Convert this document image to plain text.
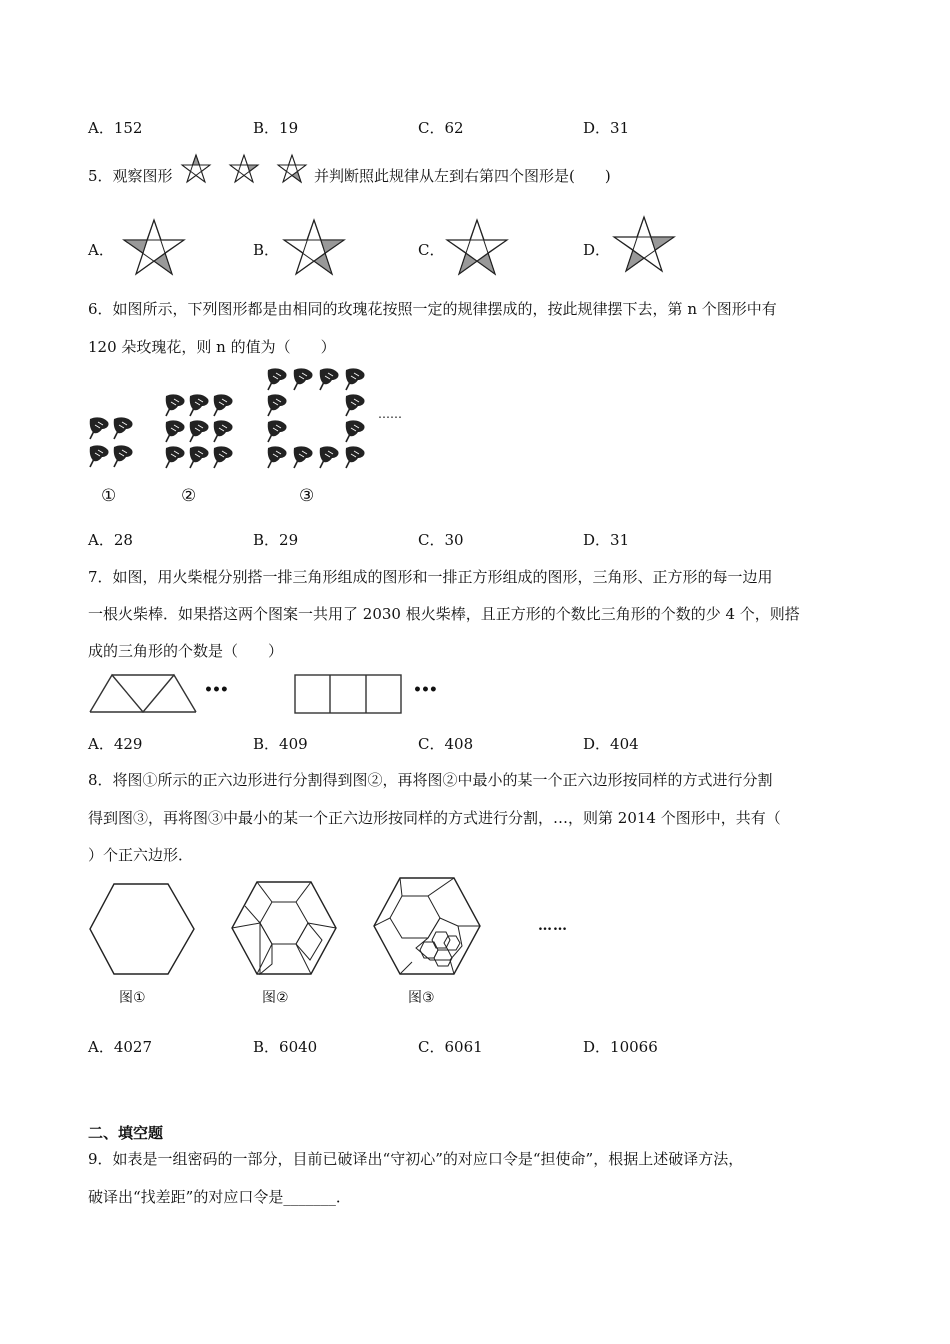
A．152	B．19	C．62	D．31
5．观察图形	并判断照此规律从左到右第四个图形是(　　)
A．	B．	C．	D．
6．如图所示，下列图形都是由相同的玫瑰花按照一定的规律摆成的，按此规律摆下去，第 n 个图形中有
120 朵玫瑰花，则 n 的值为（　　）
……
①	②	③
A．28	B．29	C．30	D．31
7．如图，用火柴棍分别搭一排三角形组成的图形和一排正方形组成的图形，三角形、正方形的每一边用
一根火柴棒．如果搭这两个图案一共用了 2030 根火柴棒，且正方形的个数比三角形的个数的少 4 个，则搭
成的三角形的个数是（　　）
•••	•••
A．429	B．409	C．408	D．404
8．将图①所示的正六边形进行分割得到图②，再将图②中最小的某一个正六边形按同样的方式进行分割
得到图③，再将图③中最小的某一个正六边形按同样的方式进行分割，…，则第 2014 个图形中，共有（
）个正六边形．
……
图①	图②	图③
A．4027	B．6040	C．6061	D．10066
二、填空题
9．如表是一组密码的一部分，目前已破译出“守初心”的对应口令是“担使命”，根据上述破译方法，
破译出“找差距”的对应口令是_______．
